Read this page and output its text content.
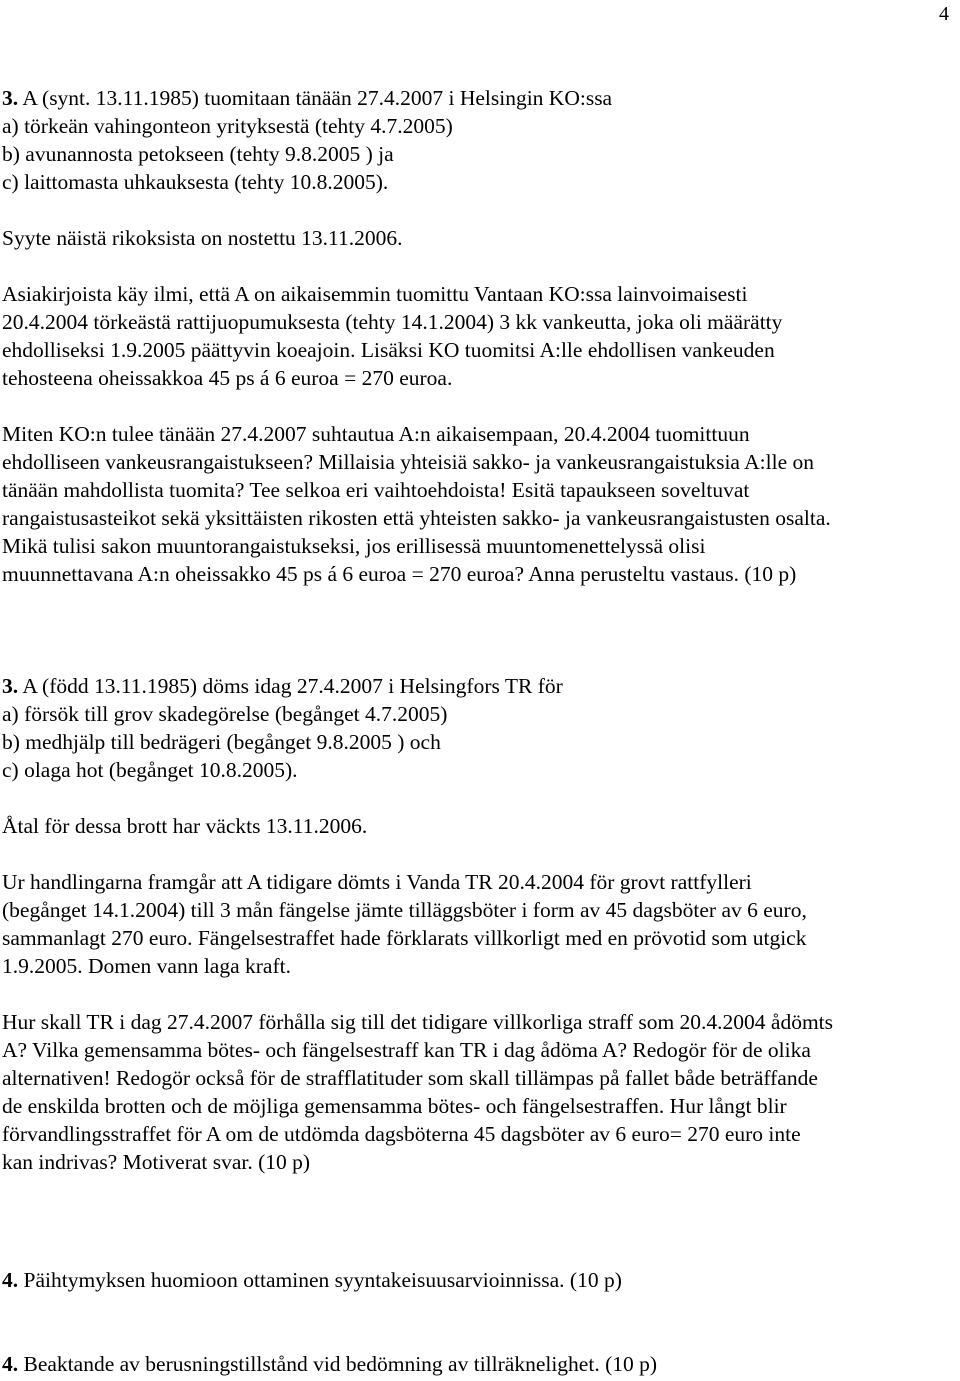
4

3. A (synt. 13.11.1985) tuomitaan tänään 27.4.2007 i Helsingin KO:ssa

a) törkeän vahingonteon yrityksestä (tehty 4.7.2005)

b) avunannosta petokseen (tehty 9.8.2005 ) ja

c) laittomasta uhkauksesta (tehty 10.8.2005).

Syyte näistä rikoksista on nostettu 13.11.2006.

Asiakirjoista käy ilmi, että A on aikaisemmin tuomittu Vantaan KO:ssa lainvoimaisesti

20.4.2004 törkeästä rattijuopumuksesta (tehty 14.1.2004) 3 kk vankeutta, joka oli määrätty

ehdolliseksi 1.9.2005 päättyvin koeajoin. Lisäksi KO tuomitsi A:lle ehdollisen vankeuden

tehosteena oheissakkoa 45 ps á 6 euroa = 270 euroa.

Miten KO:n tulee tänään 27.4.2007 suhtautua A:n aikaisempaan, 20.4.2004 tuomittuun

ehdolliseen vankeusrangaistukseen? Millaisia yhteisiä sakko- ja vankeusrangaistuksia A:lle on

tänään mahdollista tuomita? Tee selkoa eri vaihtoehdoista! Esitä tapaukseen soveltuvat

rangaistusasteikot sekä yksittäisten rikosten että yhteisten sakko- ja vankeusrangaistusten osalta.

Mikä tulisi sakon muuntorangaistukseksi, jos erillisessä muuntomenettelyssä olisi

muunnettavana A:n oheissakko 45 ps á 6 euroa = 270 euroa? Anna perusteltu vastaus. (10 p)

3. A (född 13.11.1985) döms idag 27.4.2007 i Helsingfors TR för

a) försök till grov skadegörelse (begånget 4.7.2005)

b) medhjälp till bedrägeri (begånget 9.8.2005 ) och

c) olaga hot (begånget 10.8.2005).

Åtal för dessa brott har väckts 13.11.2006.

Ur handlingarna framgår att A tidigare dömts i Vanda TR 20.4.2004 för grovt rattfylleri

(begånget 14.1.2004) till 3 mån fängelse jämte tilläggsböter i form av 45 dagsböter av 6 euro,

sammanlagt 270 euro. Fängelsestraffet hade förklarats villkorligt med en prövotid som utgick

1.9.2005. Domen vann laga kraft.

Hur skall TR i dag 27.4.2007 förhålla sig till det tidigare villkorliga straff som 20.4.2004 ådömts

A? Vilka gemensamma bötes- och fängelsestraff kan TR i dag ådöma A? Redogör för de olika

alternativen! Redogör också för de strafflatituder som skall tillämpas på fallet både beträffande

de enskilda brotten och de möjliga gemensamma bötes- och fängelsestraffen. Hur långt blir

förvandlingsstraffet för A om de utdömda dagsböterna 45 dagsböter av 6 euro= 270 euro inte

kan indrivas? Motiverat svar. (10 p)

4. Päihtymyksen huomioon ottaminen syyntakeisuusarvioinnissa. (10 p)

4. Beaktande av berusningstillstånd vid bedömning av tillräknelighet. (10 p)
